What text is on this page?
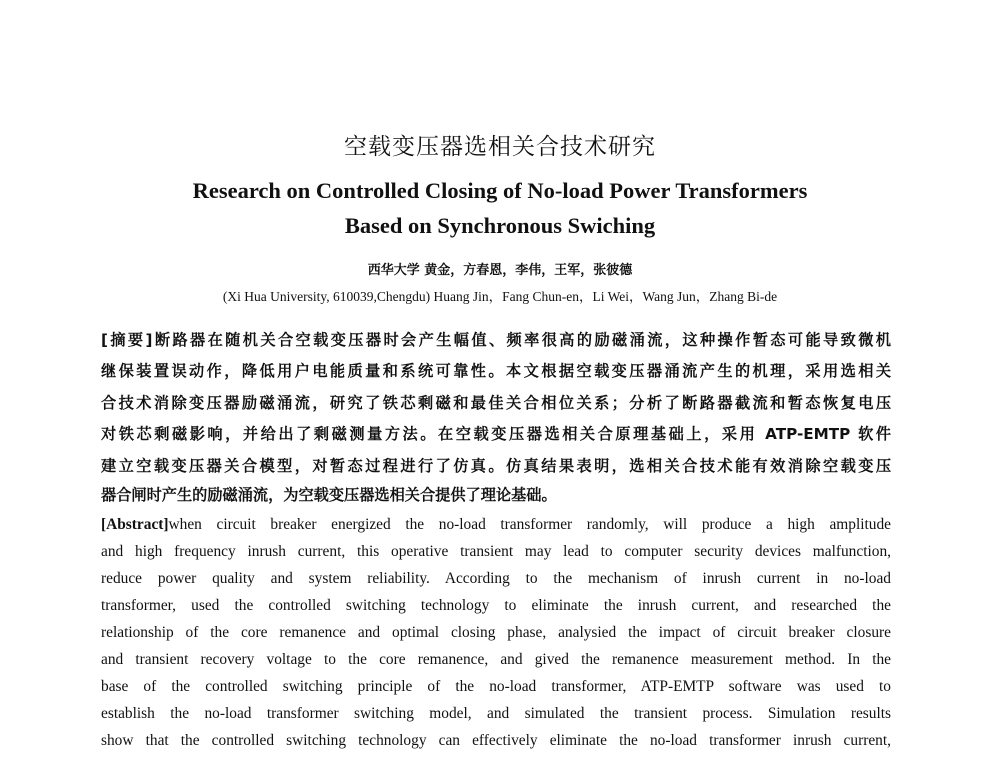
空载变压器选相关合技术研究
Research on Controlled Closing of No-load Power Transformers
Based on Synchronous Swiching
西华大学 黄金，方春恩，李伟，王军，张彼德
(Xi Hua University, 610039,Chengdu) Huang Jin，Fang Chun-en，Li Wei，Wang Jun，Zhang Bi-de
[摘要]断路器在随机关合空载变压器时会产生幅值、频率很高的励磁涌流，这种操作暂态可能导致微机
继保装置误动作，降低用户电能质量和系统可靠性。本文根据空载变压器涌流产生的机理，采用选相关
合技术消除变压器励磁涌流，研究了铁芯剩磁和最佳关合相位关系；分析了断路器截流和暂态恢复电压
对铁芯剩磁影响，并给出了剩磁测量方法。在空载变压器选相关合原理基础上，采用 ATP-EMTP 软件
建立空载变压器关合模型，对暂态过程进行了仿真。仿真结果表明，选相关合技术能有效消除空载变压
器合闸时产生的励磁涌流，为空载变压器选相关合提供了理论基础。
[Abstract]when circuit breaker energized the no-load transformer randomly, will produce a high amplitude
and high frequency inrush current, this operative transient may lead to computer security devices malfunction,
reduce power quality and system reliability. According to the mechanism of inrush current in no-load
transformer, used the controlled switching technology to eliminate the inrush current, and researched the
relationship of the core remanence and optimal closing phase, analysied the impact of circuit breaker closure
and transient recovery voltage to the core remanence, and gived the remanence measurement method. In the
base of the controlled switching principle of the no-load transformer, ATP-EMTP software was used to
establish the no-load transformer switching model, and simulated the transient process. Simulation results
show that the controlled switching technology can effectively eliminate the no-load transformer inrush current,
